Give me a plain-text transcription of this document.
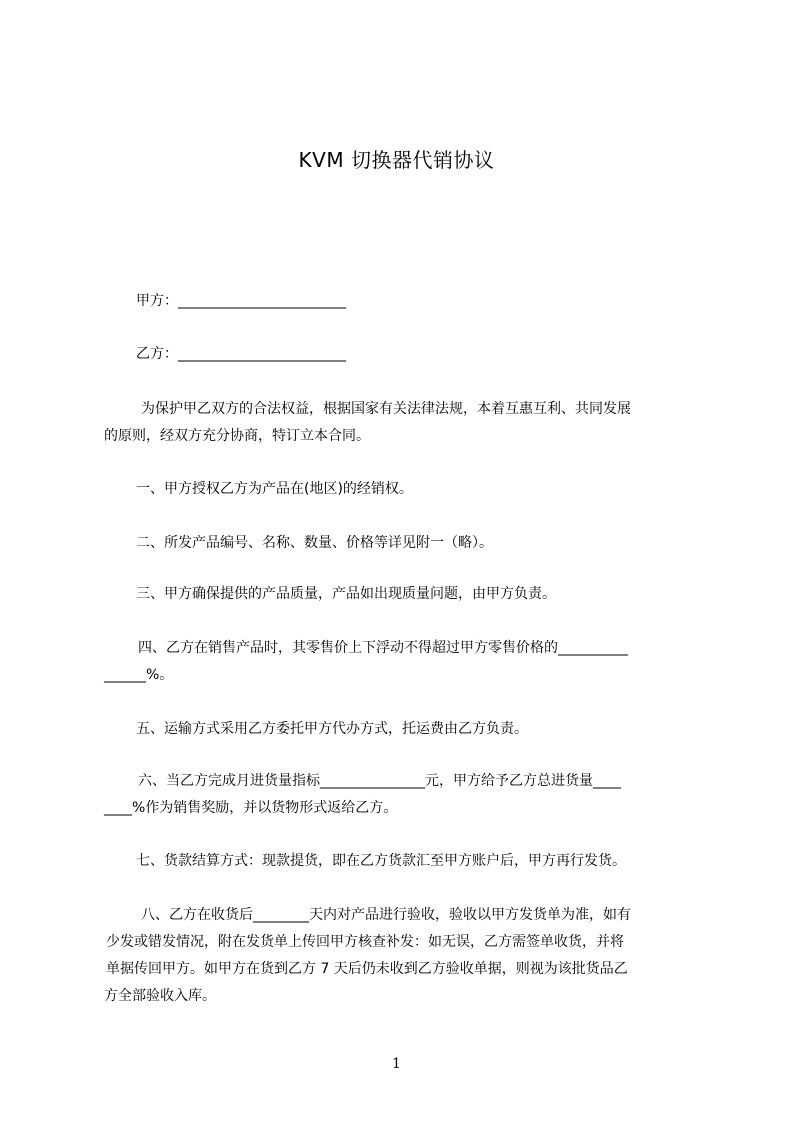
KVM 切换器代销协议
甲方：________________________
乙方：________________________
为保护甲乙双方的合法权益，根据国家有关法律法规，本着互惠互利、共同发展
的原则，经双方充分协商，特订立本合同。
一、甲方授权乙方为产品在(地区)的经销权。
二、所发产品编号、名称、数量、价格等详见附一（略）。
三、甲方确保提供的产品质量，产品如出现质量问题，由甲方负责。
四、乙方在销售产品时，其零售价上下浮动不得超过甲方零售价格的__________
______%。
五、运输方式采用乙方委托甲方代办方式，托运费由乙方负责。
六、当乙方完成月进货量指标_______________元，甲方给予乙方总进货量____
____%作为销售奖励，并以货物形式返给乙方。
七、货款结算方式：现款提货，即在乙方货款汇至甲方账户后，甲方再行发货。
八、乙方在收货后________天内对产品进行验收，验收以甲方发货单为准，如有
少发或错发情况，附在发货单上传回甲方核查补发：如无误，乙方需签单收货，并将
单据传回甲方。如甲方在货到乙方 7 天后仍未收到乙方验收单据，则视为该批货品乙
方全部验收入库。
1
